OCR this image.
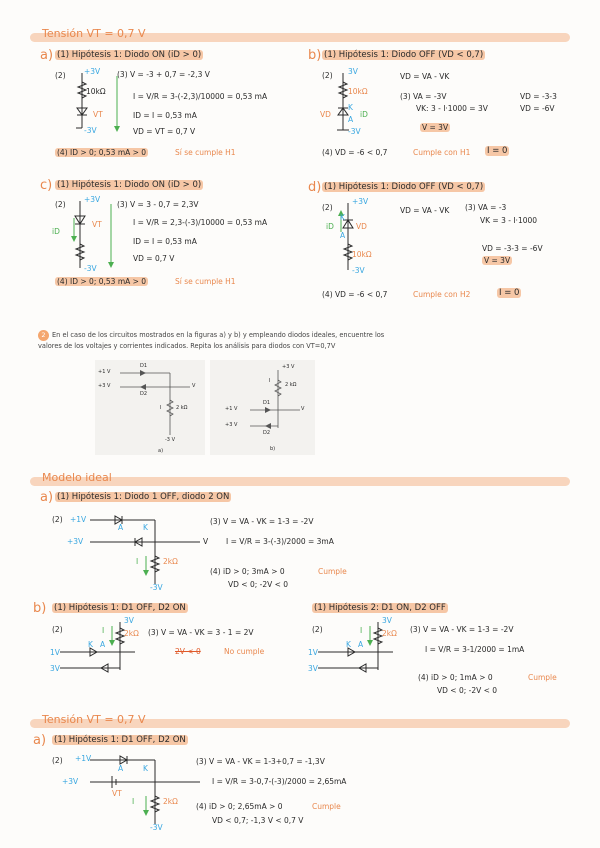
Tensión VT = 0,7 V
a) (1) Hipótesis 1: Diodo ON (iD > 0)
(2) +3V
10kΩ
VT
-3V
(3) V = -3 + 0,7 = -2,3 V
I = V/R = 3-(-2,3)/10000 = 0,53 mA
ID = I = 0,53 mA
VD = VT = 0,7 V
(4) ID > 0; 0,53 mA > 0	Sí se cumple H1
b) (1) Hipótesis 1: Diodo OFF (VD < 0,7)
(2) 3V
10kΩ
K
A
VD	iD
-3V
VD = VA - VK
(3) VA = -3V
VK: 3 - I·1000 = 3V
V = 3V
VD = -3-3
VD = -6V
(4) VD = -6 < 0,7	Cumple con H1 I = 0
c) (1) Hipótesis 1: Diodo ON (iD > 0)
(2)
+3V
iD
VT
-3V
(3) V = 3 - 0,7 = 2,3V
I = V/R = 2,3-(-3)/10000 = 0,53 mA
ID = I = 0,53 mA
VD = 0,7 V
(4) ID > 0; 0,53 mA > 0	Sí se cumple H1
d) (1) Hipótesis 1: Diodo OFF (VD < 0,7)
(2)
+3V
iD
K
A
VD
10kΩ
-3V
VD = VA - VK (3) VA = -3
VK = 3 - I·1000
VD = -3-3 = -6V
V = 3V
(4) VD = -6 < 0,7	Cumple con H2	I = 0
2 En el caso de los circuitos mostrados en la figuras a) y b) y empleando diodos ideales, encuentre los
valores de los voltajes y corrientes indicados. Repita los análisis para diodos con VT=0,7V
+1 V
+3 V
D1
D2
V
I	2 kΩ
-3 V
a)
+3 V
I
2 kΩ
+1 V
+3 V
D1
D2
V
b)
Modelo ideal
a) (1) Hipótesis 1: Diodo 1 OFF, diodo 2 ON
(2) +1V
+3V
A	K
V
I	2kΩ
-3V
(3) V = VA - VK = 1-3 = -2V
I = V/R = 3-(-3)/2000 = 3mA
(4) iD > 0; 3mA > 0	Cumple
VD < 0; -2V < 0
b) (1) Hipótesis 1: D1 OFF, D2 ON
(2)
3V
I	2kΩ
1V
3V
K A
(3) V = VA - VK = 3 - 1 = 2V
2V < 0	No cumple
(1) Hipótesis 2: D1 ON, D2 OFF
(2)
3V
I	2kΩ
1V
3V
K A
(3) V = VA - VK = 1-3 = -2V
I = V/R = 3-1/2000 = 1mA
(4) iD > 0; 1mA > 0	Cumple
VD < 0; -2V < 0
Tensión VT = 0,7 V
a) (1) Hipótesis 1: D1 OFF, D2 ON
(2) +1V
+3V
A	K
VT
I	2kΩ
-3V
(3) V = VA - VK = 1-3+0,7 = -1,3V
I = V/R = 3-0,7-(-3)/2000 = 2,65mA
(4) iD > 0; 2,65mA > 0	Cumple
VD < 0,7; -1,3 V < 0,7 V
